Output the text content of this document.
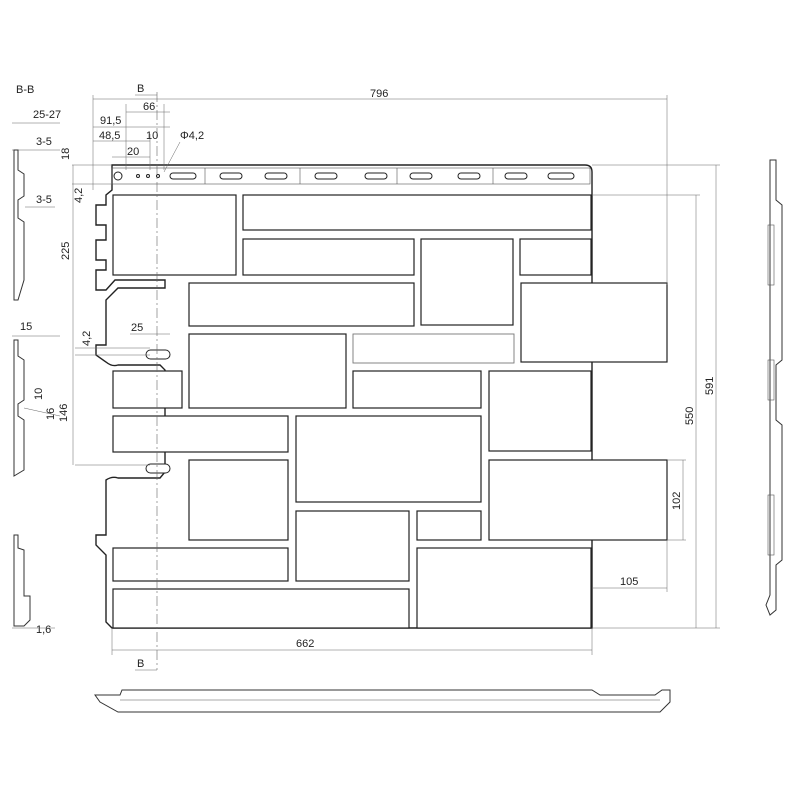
B
B
796
66
91,5
48,5 10 Φ4,2
20
18
4,2
225
4,2
25
591
550
102
105
662
B-B
25-27
3-5
3-5
15
10
16 146
1,6
